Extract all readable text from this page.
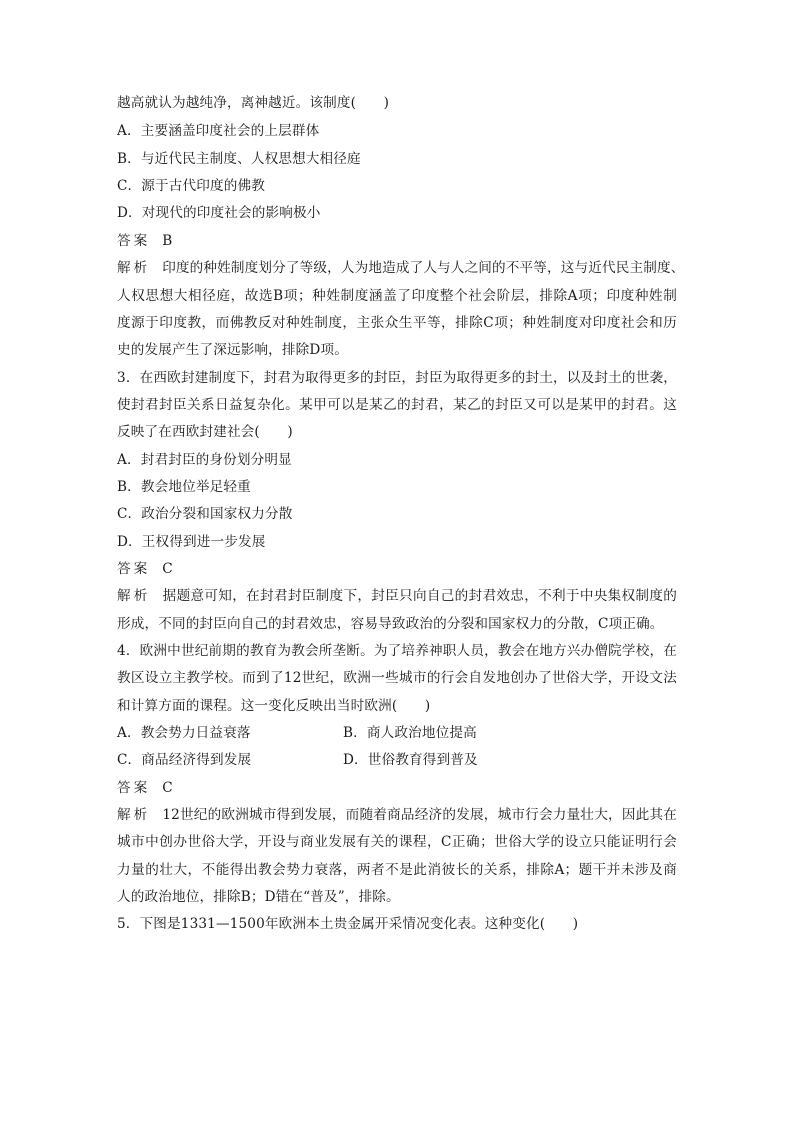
越高就认为越纯净，离神越近。该制度(　　)
A．主要涵盖印度社会的上层群体
B．与近代民主制度、人权思想大相径庭
C．源于古代印度的佛教
D．对现代的印度社会的影响极小
答案 B
解析 印度的种姓制度划分了等级，人为地造成了人与人之间的不平等，这与近代民主制度、
人权思想大相径庭，故选B项；种姓制度涵盖了印度整个社会阶层，排除A项；印度种姓制
度源于印度教，而佛教反对种姓制度，主张众生平等，排除C项；种姓制度对印度社会和历
史的发展产生了深远影响，排除D项。
3．在西欧封建制度下，封君为取得更多的封臣，封臣为取得更多的封土，以及封土的世袭，
使封君封臣关系日益复杂化。某甲可以是某乙的封君，某乙的封臣又可以是某甲的封君。这
反映了在西欧封建社会(　　)
A．封君封臣的身份划分明显
B．教会地位举足轻重
C．政治分裂和国家权力分散
D．王权得到进一步发展
答案 C
解析 据题意可知，在封君封臣制度下，封臣只向自己的封君效忠，不利于中央集权制度的
形成，不同的封臣向自己的封君效忠，容易导致政治的分裂和国家权力的分散，C项正确。
4．欧洲中世纪前期的教育为教会所垄断。为了培养神职人员，教会在地方兴办僧院学校，在
教区设立主教学校。而到了12世纪，欧洲一些城市的行会自发地创办了世俗大学，开设文法
和计算方面的课程。这一变化反映出当时欧洲(　　)
A．教会势力日益衰落	B．商人政治地位提高
C．商品经济得到发展	D．世俗教育得到普及
答案 C
解析 12世纪的欧洲城市得到发展，而随着商品经济的发展，城市行会力量壮大，因此其在
城市中创办世俗大学，开设与商业发展有关的课程，C正确；世俗大学的设立只能证明行会
力量的壮大，不能得出教会势力衰落，两者不是此消彼长的关系，排除A；题干并未涉及商
人的政治地位，排除B；D错在“普及”，排除。
5．下图是1331—1500年欧洲本土贵金属开采情况变化表。这种变化(　　)
